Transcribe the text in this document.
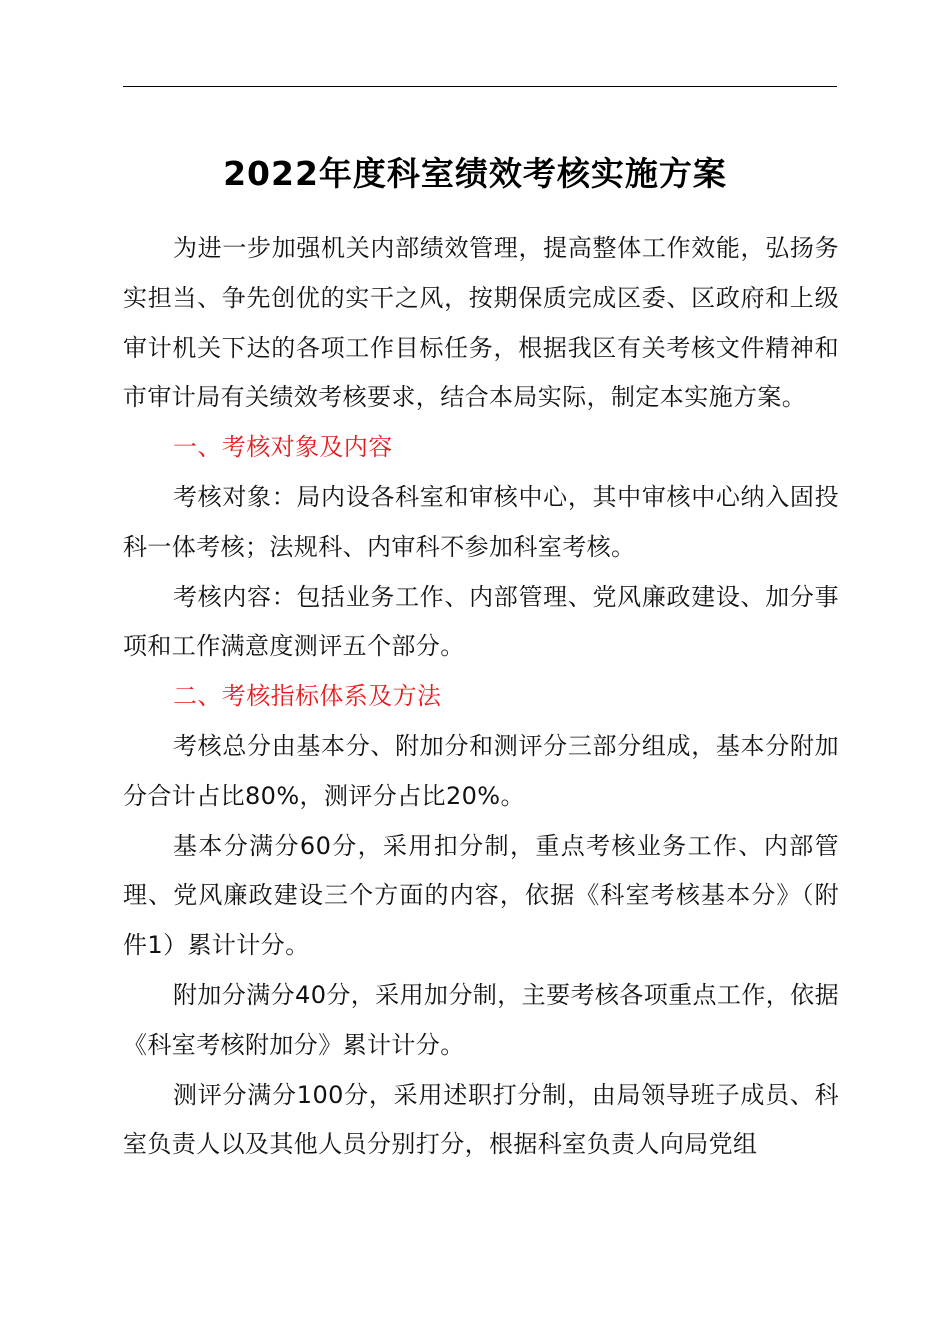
2022年度科室绩效考核实施方案

为进一步加强机关内部绩效管理，提高整体工作效能，弘扬务实担当、争先创优的实干之风，按期保质完成区委、区政府和上级审计机关下达的各项工作目标任务，根据我区有关考核文件精神和市审计局有关绩效考核要求，结合本局实际，制定本实施方案。

一、考核对象及内容

考核对象：局内设各科室和审核中心，其中审核中心纳入固投科一体考核；法规科、内审科不参加科室考核。

考核内容：包括业务工作、内部管理、党风廉政建设、加分事项和工作满意度测评五个部分。

二、考核指标体系及方法

考核总分由基本分、附加分和测评分三部分组成，基本分附加分合计占比80%，测评分占比20%。

基本分满分60分，采用扣分制，重点考核业务工作、内部管理、党风廉政建设三个方面的内容，依据《科室考核基本分》（附件1）累计计分。

附加分满分40分，采用加分制，主要考核各项重点工作，依据《科室考核附加分》累计计分。

测评分满分100分，采用述职打分制，由局领导班子成员、科室负责人以及其他人员分别打分，根据科室负责人向局党组
